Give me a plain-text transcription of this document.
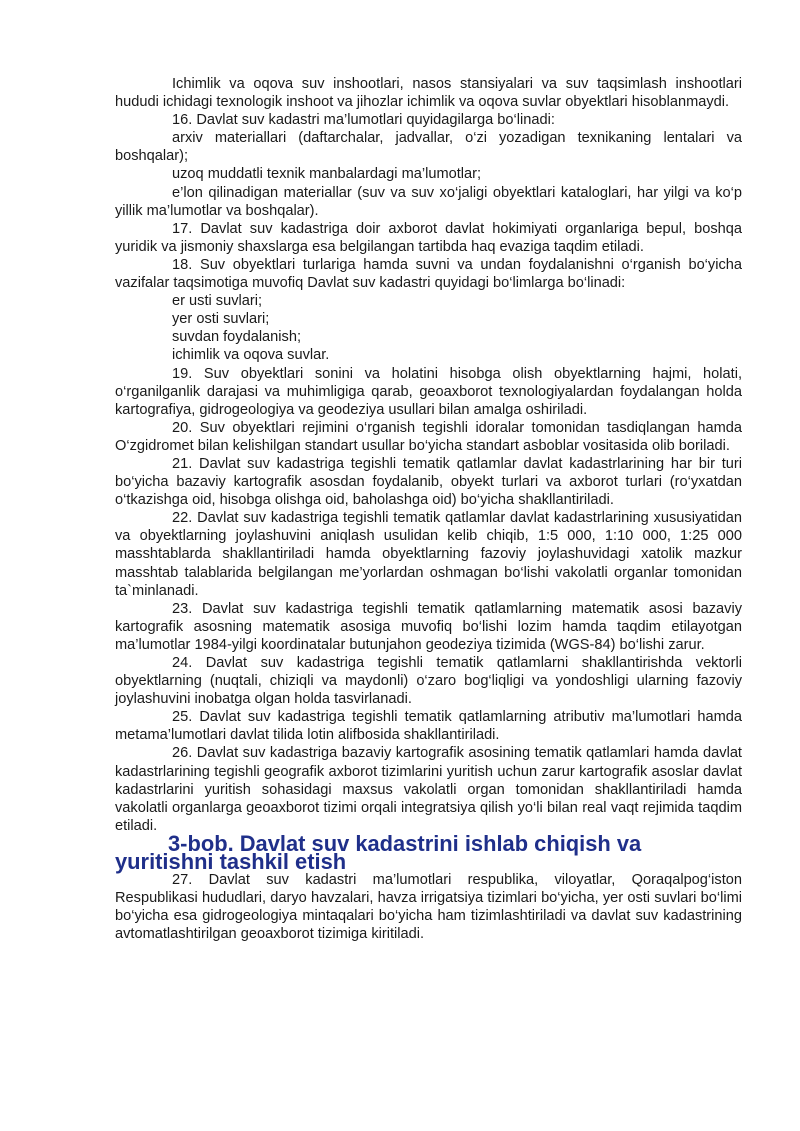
Ichimlik va oqova suv inshootlari, nasos stansiyalari va suv taqsimlash inshootlari hududi ichidagi texnologik inshoot va jihozlar ichimlik va oqova suvlar obyektlari hisoblanmaydi.

16. Davlat suv kadastri ma’lumotlari quyidagilarga bo‘linadi:

arxiv materiallari (daftarchalar, jadvallar, o‘zi yozadigan texnikaning lentalari va boshqalar);

uzoq muddatli texnik manbalardagi ma’lumotlar;

e’lon qilinadigan materiallar (suv va suv xo‘jaligi obyektlari kataloglari, har yilgi va ko‘p yillik ma’lumotlar va boshqalar).

17. Davlat suv kadastriga doir axborot davlat hokimiyati organlariga bepul, boshqa yuridik va jismoniy shaxslarga esa belgilangan tartibda haq evaziga taqdim etiladi.

18. Suv obyektlari turlariga hamda suvni va undan foydalanishni o‘rganish bo‘yicha vazifalar taqsimotiga muvofiq Davlat suv kadastri quyidagi bo‘limlarga bo‘linadi:

er usti suvlari;

yer osti suvlari;

suvdan foydalanish;

ichimlik va oqova suvlar.

19. Suv obyektlari sonini va holatini hisobga olish obyektlarning hajmi, holati, o‘rganilganlik darajasi va muhimligiga qarab, geoaxborot texnologiyalardan foydalangan holda kartografiya, gidrogeologiya va geodeziya usullari bilan amalga oshiriladi.

20. Suv obyektlari rejimini o‘rganish tegishli idoralar tomonidan tasdiqlangan hamda O‘zgidromet bilan kelishilgan standart usullar bo‘yicha standart asboblar vositasida olib boriladi.

21. Davlat suv kadastriga tegishli tematik qatlamlar davlat kadastrlarining har bir turi bo‘yicha bazaviy kartografik asosdan foydalanib, obyekt turlari va axborot turlari (ro‘yxatdan o‘tkazishga oid, hisobga olishga oid, baholashga oid) bo‘yicha shakllantiriladi.

22. Davlat suv kadastriga tegishli tematik qatlamlar davlat kadastrlarining xususiyatidan va obyektlarning joylashuvini aniqlash usulidan kelib chiqib, 1:5 000, 1:10 000, 1:25 000 masshtablarda shakllantiriladi hamda obyektlarning fazoviy joylashuvidagi xatolik mazkur masshtab talablarida belgilangan me’yorlardan oshmagan bo‘lishi vakolatli organlar tomonidan ta`minlanadi.

23. Davlat suv kadastriga tegishli tematik qatlamlarning matematik asosi bazaviy kartografik asosning matematik asosiga muvofiq bo‘lishi lozim hamda taqdim etilayotgan ma’lumotlar 1984-yilgi koordinatalar butunjahon geodeziya tizimida (WGS-84) bo‘lishi zarur.

24. Davlat suv kadastriga tegishli tematik qatlamlarni shakllantirishda vektorli obyektlarning (nuqtali, chiziqli va maydonli) o‘zaro bog‘liqligi va yondoshligi ularning fazoviy joylashuvini inobatga olgan holda tasvirlanadi.

25. Davlat suv kadastriga tegishli tematik qatlamlarning atributiv ma’lumotlari hamda metama’lumotlari davlat tilida lotin alifbosida shakllantiriladi.

26. Davlat suv kadastriga bazaviy kartografik asosining tematik qatlamlari hamda davlat kadastrlarining tegishli geografik axborot tizimlarini yuritish uchun zarur kartografik asoslar davlat kadastrlarini yuritish sohasidagi maxsus vakolatli organ tomonidan shakllantiriladi hamda vakolatli organlarga geoaxborot tizimi orqali integratsiya qilish yo‘li bilan real vaqt rejimida taqdim etiladi.

3-bob. Davlat suv kadastrini ishlab chiqish va yuritishni tashkil etish

27. Davlat suv kadastri ma’lumotlari respublika, viloyatlar, Qoraqalpog‘iston Respublikasi hududlari, daryo havzalari, havza irrigatsiya tizimlari bo‘yicha, yer osti suvlari bo‘limi bo‘yicha esa gidrogeologiya mintaqalari bo‘yicha ham tizimlashtiriladi va davlat suv kadastrining avtomatlashtirilgan geoaxborot tizimiga kiritiladi.
